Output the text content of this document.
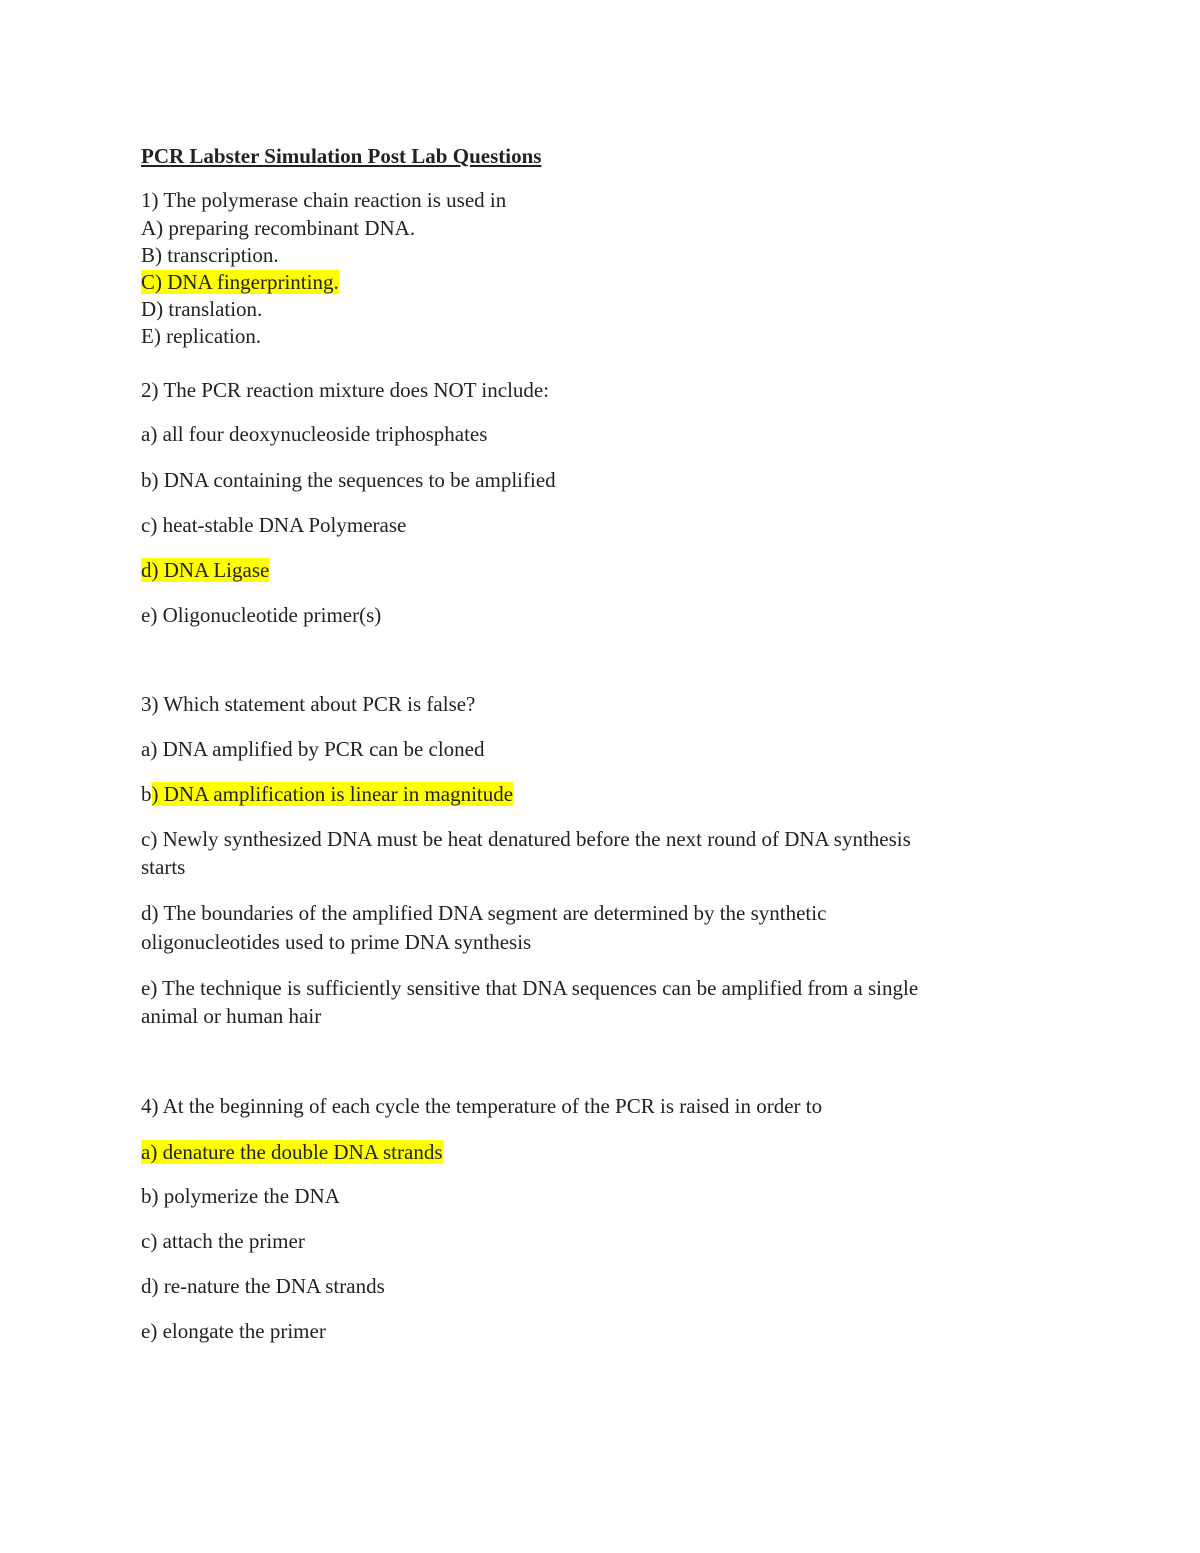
PCR Labster Simulation Post Lab Questions
1) The polymerase chain reaction is used in
A) preparing recombinant DNA.
B) transcription.
C) DNA fingerprinting.
D) translation.
E) replication.
2) The PCR reaction mixture does NOT include:
a) all four deoxynucleoside triphosphates
b) DNA containing the sequences to be amplified
c) heat-stable DNA Polymerase
d) DNA Ligase
e) Oligonucleotide primer(s)
3) Which statement about PCR is false?
a) DNA amplified by PCR can be cloned
b) DNA amplification is linear in magnitude
c) Newly synthesized DNA must be heat denatured before the next round of DNA synthesis
starts
d) The boundaries of the amplified DNA segment are determined by the synthetic
oligonucleotides used to prime DNA synthesis
e) The technique is sufficiently sensitive that DNA sequences can be amplified from a single
animal or human hair
4) At the beginning of each cycle the temperature of the PCR is raised in order to
a) denature the double DNA strands
b) polymerize the DNA
c) attach the primer
d) re-nature the DNA strands
e) elongate the primer
